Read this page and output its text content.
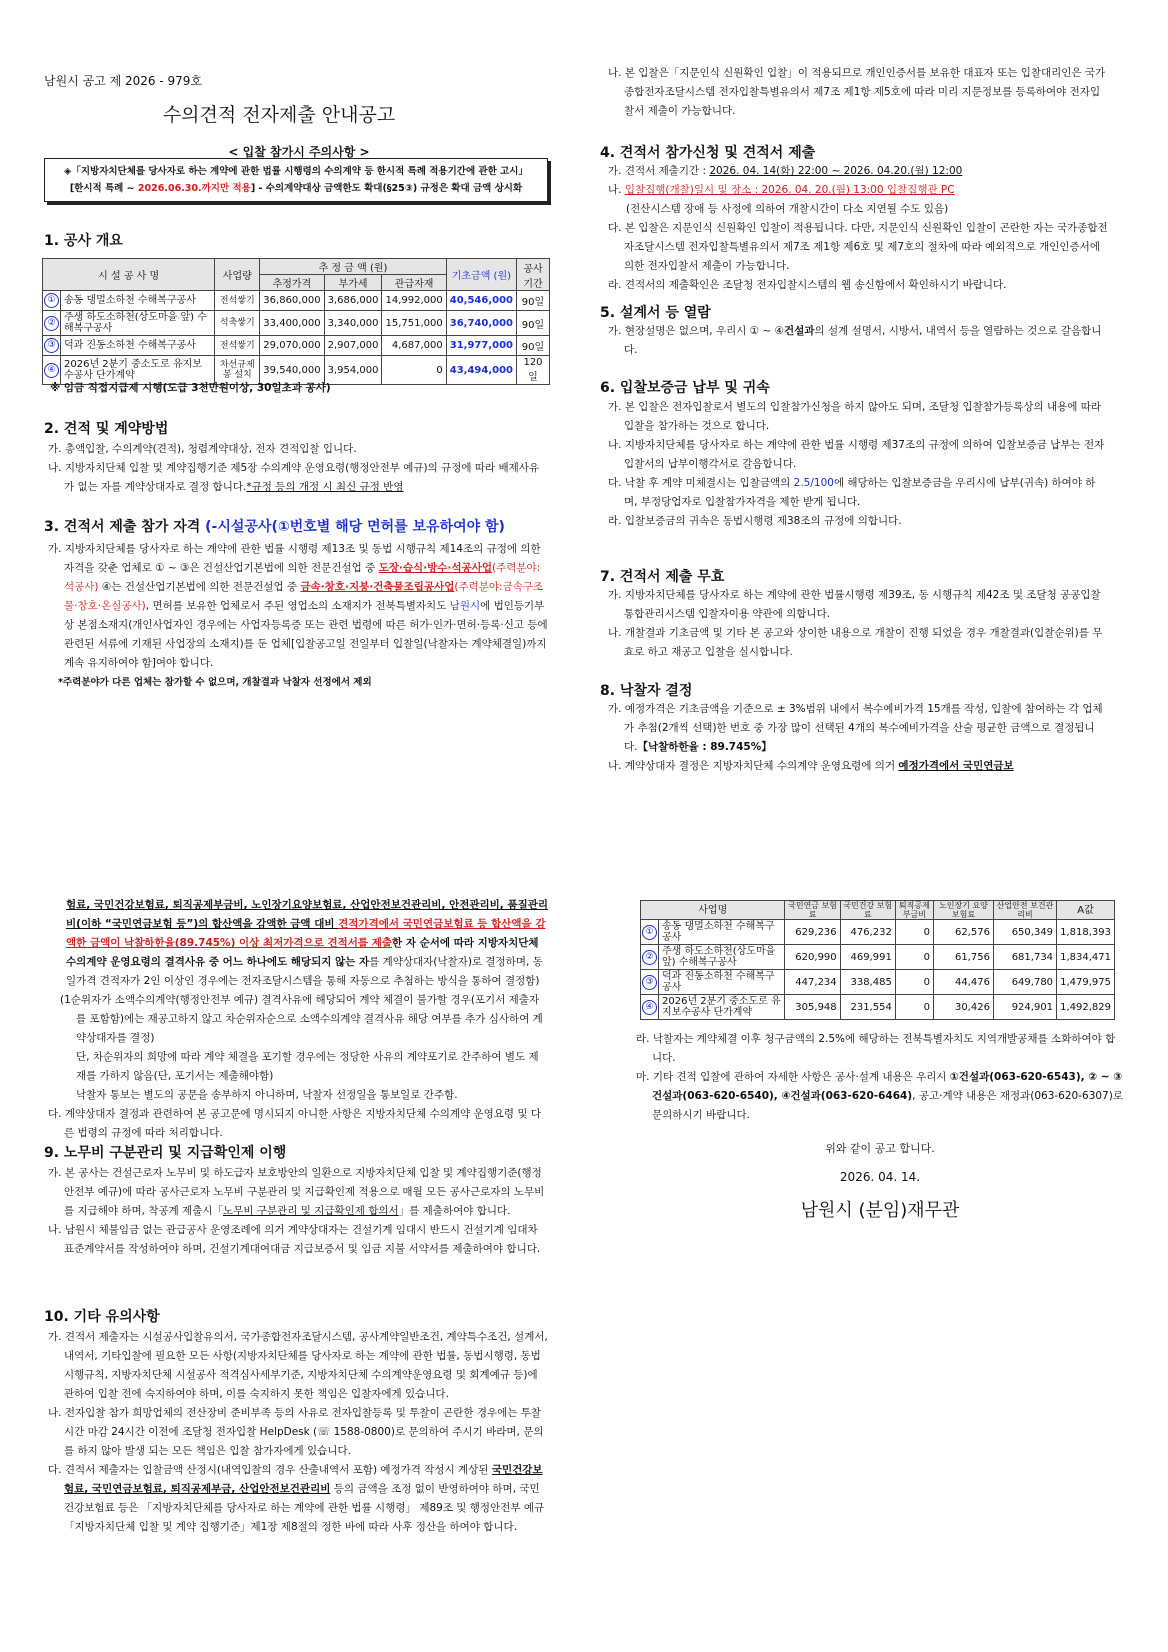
남원시 공고 제 2026 - 979호
수의견적 전자제출 안내공고
< 입찰 참가시 주의사항 >
◈「지방자치단체를 당사자로 하는 계약에 관한 법률 시행령의 수의계약 등 한시적 특례 적용기간에 관한 고시」
[한시적 특례 ~ 2026.06.30.까지만 적용] - 수의계약대상 금액한도 확대(§25③) 규정은 확대 금액 상시화
1. 공사 개요
시 설 공 사 명		사업량	추 정 금 액 (원)			기초금액 (원)	공사 기간
			추정가격	부가세	관급자재		
①	송동 댕멀소하천 수해복구공사	전석쌓기	36,860,000	3,686,000	14,992,000	40,546,000	90일
②	주생 하도소하천(상도마을 앞) 수해복구공사	석축쌓기	33,400,000	3,340,000	15,751,000	36,740,000	90일
③	덕과 진동소하천 수해복구공사	전석쌓기	29,070,000	2,907,000	4,687,000	31,977,000	90일
④	2026년 2분기 중소도로 유지보수공사 단가계약	차선규제봉 설치	39,540,000	3,954,000	0	43,494,000	120일
※ 임금 직접지급제 시행(도급 3천만원이상, 30일초과 공사)
2. 견적 및 계약방법

가. 총액입찰, 수의계약(견적), 청렴계약대상, 전자 견적입찰 입니다.

나. 지방자치단체 입찰 및 계약집행기준 제5장 수의계약 운영요령(행정안전부 예규)의 규정에 따라 배제사유가 없는 자를 계약상대자로 결정 합니다.*규정 등의 개정 시 최신 규정 반영

3. 견적서 제출 참가 자격 (-시설공사(①번호별 해당 면허를 보유하여야 함)

가. 지방자치단체를 당사자로 하는 계약에 관한 법률 시행령 제13조 및 동법 시행규칙 제14조의 규정에 의한 자격을 갖춘 업체로 ① ~ ③은 건설산업기본법에 의한 전문건설업 중 도장·습식·방수·석공사업(주력분야:석공사) ④는 건설산업기본법에 의한 전문건설업 중 금속·창호·지붕·건축물조립공사업(주력분야:금속구조물·창호·온실공사), 면허를 보유한 업체로서 주된 영업소의 소재지가 전북특별자치도 남원시에 법인등기부상 본점소재지(개인사업자인 경우에는 사업자등록증 또는 관련 법령에 따른 허가·인가·면허·등록·신고 등에 관련된 서류에 기재된 사업장의 소재지)를 둔 업체[입찰공고일 전일부터 입찰일(낙찰자는 계약체결일)까지 계속 유지하여야 함]여야 합니다.

*주력분야가 다른 업체는 참가할 수 없으며, 개찰결과 낙찰자 선정에서 제외

나. 본 입찰은「지문인식 신원확인 입찰」이 적용되므로 개인인증서를 보유한 대표자 또는 입찰대리인은 국가종합전자조달시스템 전자입찰특별유의서 제7조 제1항 제5호에 따라 미리 지문정보를 등록하여야 전자입찰서 제출이 가능합니다.

4. 견적서 참가신청 및 견적서 제출

가. 견적서 제출기간 : 2026. 04. 14(화) 22:00 ~ 2026. 04.20.(월) 12:00

나. 입찰집행(개찰)일시 및 장소 : 2026. 04. 20.(월) 13:00 입찰집행관 PC

(전산시스템 장애 등 사정에 의하여 개찰시간이 다소 지연될 수도 있음)

다. 본 입찰은 지문인식 신원확인 입찰이 적용됩니다. 다만, 지문인식 신원확인 입찰이 곤란한 자는 국가종합전자조달시스템 전자입찰특별유의서 제7조 제1항 제6호 및 제7호의 절차에 따라 예외적으로 개인인증서에 의한 전자입찰서 제출이 가능합니다.

라. 견적서의 제출확인은 조달청 전자입찰시스템의 웹 송신함에서 확인하시기 바랍니다.

5. 설계서 등 열람

가. 현장설명은 없으며, 우리시 ① ~ ④건설과의 설계 설명서, 시방서, 내역서 등을 열람하는 것으로 갈음합니다.

6. 입찰보증금 납부 및 귀속

가. 본 입찰은 전자입찰로서 별도의 입찰참가신청을 하지 않아도 되며, 조달청 입찰참가등록상의 내용에 따라 입찰을 참가하는 것으로 합니다.

나. 지방자치단체를 당사자로 하는 계약에 관한 법률 시행령 제37조의 규정에 의하여 입찰보증금 납부는 전자입찰서의 납부이행각서로 갈음합니다.

다. 낙찰 후 계약 미체결시는 입찰금액의 2.5/100에 해당하는 입찰보증금을 우리시에 납부(귀속) 하여야 하며, 부정당업자로 입찰참가자격을 제한 받게 됩니다.

라. 입찰보증금의 귀속은 동법시행령 제38조의 규정에 의합니다.

7. 견적서 제출 무효

가. 지방자치단체를 당사자로 하는 계약에 관한 법률시행령 제39조, 동 시행규칙 제42조 및 조달청 공공입찰 통합관리시스템 입찰자이용 약관에 의합니다.

나. 개찰결과 기초금액 및 기타 본 공고와 상이한 내용으로 개찰이 진행 되었을 경우 개찰결과(입찰순위)를 무효로 하고 재공고 입찰을 실시합니다.

8. 낙찰자 결정

가. 예정가격은 기초금액을 기준으로 ± 3%범위 내에서 복수예비가격 15개를 작성, 입찰에 참여하는 각 업체가 추첨(2개씩 선택)한 번호 중 가장 많이 선택된 4개의 복수예비가격을 산술 평균한 금액으로 결정됩니다.【낙찰하한율 : 89.745%】

나. 계약상대자 결정은 지방자치단체 수의계약 운영요령에 의거 예정가격에서 국민연금보

험료, 국민건강보험료, 퇴직공제부금비, 노인장기요양보험료, 산업안전보건관리비, 안전관리비, 품질관리비(이하 “국민연금보험 등”)의 합산액을 감액한 금액 대비 견적가격에서 국민연금보험료 등 합산액을 감액한 금액이 낙찰하한율(89.745%) 이상 최저가격으로 견적서를 제출한 자 순서에 따라 지방자치단체 수의계약 운영요령의 결격사유 중 어느 하나에도 해당되지 않는 자를 계약상대자(낙찰자)로 결정하며, 동일가격 견적자가 2인 이상인 경우에는 전자조달시스템을 통해 자동으로 추첨하는 방식을 통하여 결정함)

(1순위자가 소액수의계약(행정안전부 예규) 결격사유에 해당되어 계약 체결이 불가할 경우(포기서 제출자를 포함함)에는 재공고하지 않고 차순위자순으로 소액수의계약 결격사유 해당 여부를 추가 심사하여 계약상대자를 결정)

단, 차순위자의 희망에 따라 계약 체결을 포기할 경우에는 정당한 사유의 계약포기로 간주하여 별도 제재를 가하지 않음(단, 포기서는 제출해야함)

낙찰자 통보는 별도의 공문을 송부하지 아니하며, 낙찰자 선정일을 통보일로 간주함.

다. 계약상대자 결정과 관련하여 본 공고문에 명시되지 아니한 사항은 지방자치단체 수의계약 운영요령 및 다른 법령의 규정에 따라 처리합니다.

9. 노무비 구분관리 및 지급확인제 이행

가. 본 공사는 건설근로자 노무비 및 하도급자 보호방안의 일환으로 지방자치단체 입찰 및 계약집행기준(행정안전부 예규)에 따라 공사근로자 노무비 구분관리 및 지급확인제 적용으로 매월 모든 공사근로자의 노무비를 지급해야 하며, 착공계 제출시「노무비 구분관리 및 지급확인제 합의서」를 제출하여야 합니다.

나. 남원시 체불임금 없는 관급공사 운영조례에 의거 계약상대자는 건설기계 임대시 반드시 건설기계 임대차 표준계약서를 작성하여야 하며, 건설기계대여대금 지급보증서 및 임금 지불 서약서를 제출하여야 합니다.

10. 기타 유의사항

가. 견적서 제출자는 시설공사입찰유의서, 국가종합전자조달시스템, 공사계약일반조건, 계약특수조건, 설계서, 내역서, 기타입찰에 필요한 모든 사항(지방자치단체를 당사자로 하는 계약에 관한 법률, 동법시행령, 동법시행규칙, 지방자치단체 시설공사 적격심사세부기준, 지방자치단체 수의계약운영요령 및 회계예규 등)에 관하여 입찰 전에 숙지하여야 하며, 이를 숙지하지 못한 책임은 입찰자에게 있습니다.

나. 전자입찰 참가 희망업체의 전산장비 준비부족 등의 사유로 전자입찰등록 및 투찰이 곤란한 경우에는 투찰시간 마감 24시간 이전에 조달청 전자입찰 HelpDesk (☏ 1588-0800)로 문의하여 주시기 바라며, 문의를 하지 않아 발생 되는 모든 책임은 입찰 참가자에게 있습니다.

다. 견적서 제출자는 입찰금액 산정시(내역입찰의 경우 산출내역서 포함) 예정가격 작성시 계상된 국민건강보험료, 국민연금보험료, 퇴직공제부금, 산업안전보건관리비 등의 금액을 조정 없이 반영하여야 하며, 국민건강보험료 등은 「지방자치단체를 당사자로 하는 계약에 관한 법률 시행령」 제89조 및 행정안전부 예규 「지방자치단체 입찰 및 계약 집행기준」제1장 제8절의 정한 바에 따라 사후 정산을 하여야 합니다.

사업명		국민연금 보험료	국민건강 보험료	퇴직공제 부금비	노인장기 요양보험료	산업안전 보건관리비	A값
①	송동 댕멀소하천 수해복구공사	629,236	476,232	0	62,576	650,349	1,818,393
②	주생 하도소하천(상도마을 앞) 수해복구공사	620,990	469,991	0	61,756	681,734	1,834,471
③	덕과 진동소하천 수해복구공사	447,234	338,485	0	44,476	649,780	1,479,975
④	2026년 2분기 중소도로 유지보수공사 단가계약	305,948	231,554	0	30,426	924,901	1,492,829

라. 낙찰자는 계약체결 이후 청구금액의 2.5%에 해당하는 전북특별자치도 지역개발공채를 소화하여야 합니다.

마. 기타 견적 입찰에 관하여 자세한 사항은 공사·설계 내용은 우리시 ①건설과(063-620-6543), ② ~ ③건설과(063-620-6540), ④건설과(063-620-6464), 공고·계약 내용은 재정과(063-620-6307)로 문의하시기 바랍니다.

위와 같이 공고 합니다.
2026. 04. 14.
남원시 (분임)재무관
